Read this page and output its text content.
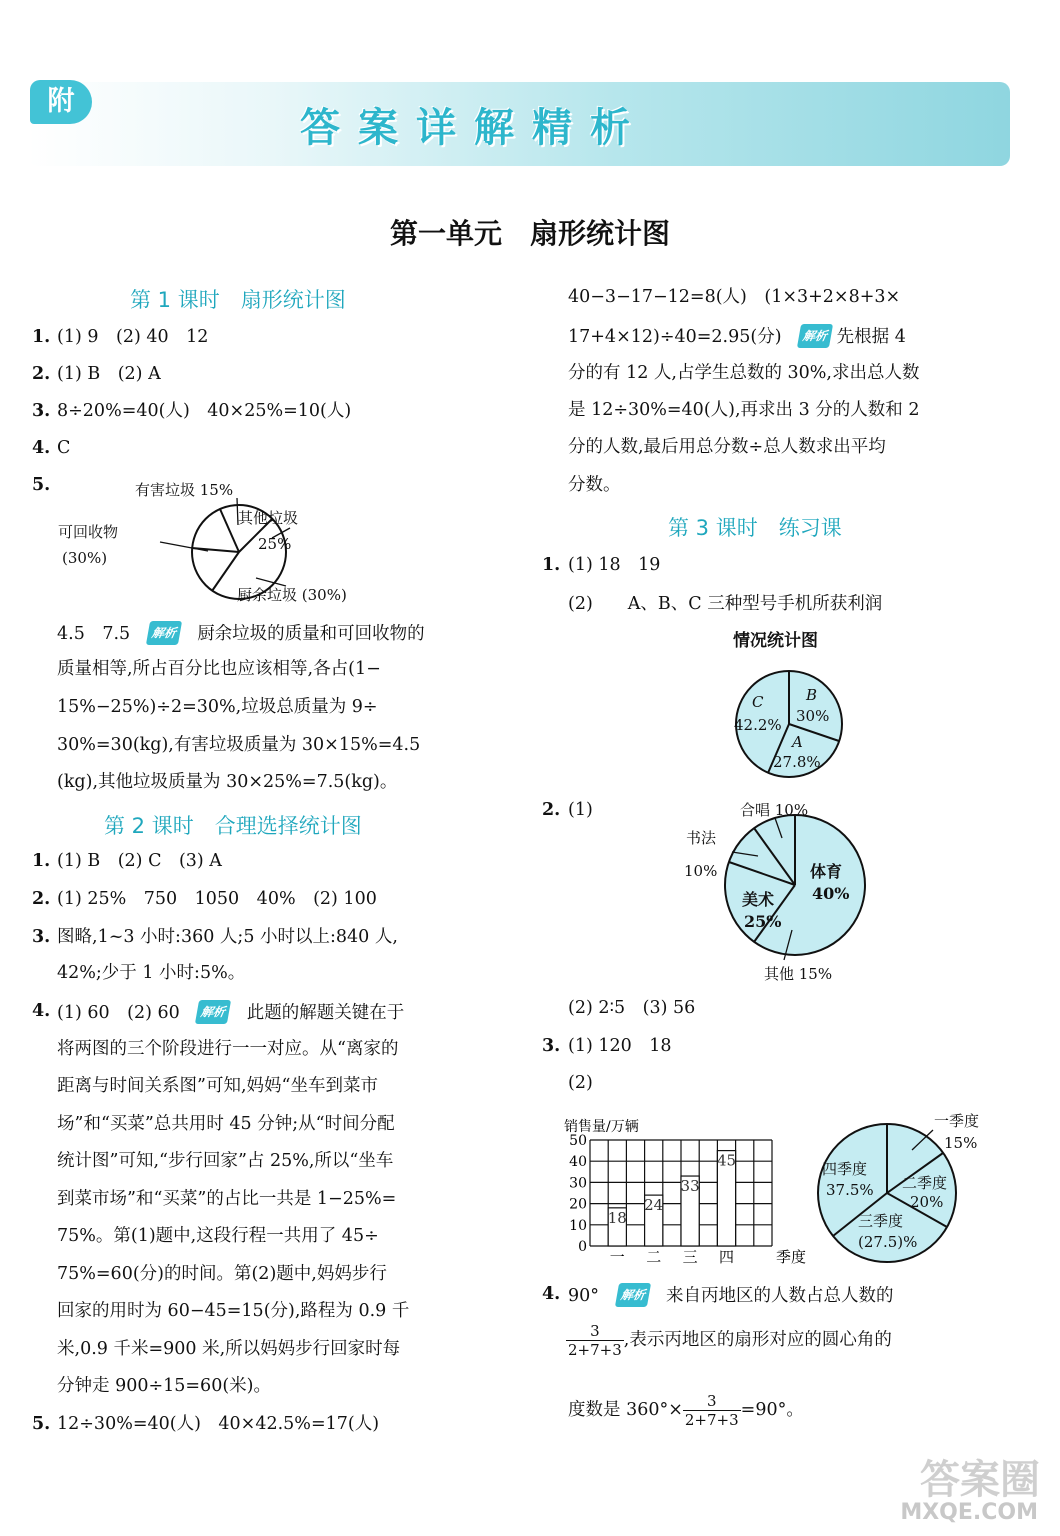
附
答案详解精析
第一单元　扇形统计图
第 1 课时　扇形统计图
1. (1) 9　(2) 40　12
2. (1) B　(2) A
3. 8÷20%=40(人)　40×25%=10(人)
4. C
5.	有害垃圾 15%
其他垃圾
25%
可回收物
(30%)
厨余垃圾 (30%)
4.5　7.5　 解析　 厨余垃圾的质量和可回收物的
质量相等,所占百分比也应该相等,各占(1−
15%−25%)÷2=30%,垃圾总质量为 9÷
30%=30(kg),有害垃圾质量为 30×15%=4.5
(kg),其他垃圾质量为 30×25%=7.5(kg)。
第 2 课时　合理选择统计图
1. (1) B　(2) C　(3) A
2. (1) 25%　750　1050　40%　(2) 100
3. 图略,1~3 小时:360 人;5 小时以上:840 人,
42%;少于 1 小时:5%。
4. (1) 60　(2) 60　 解析　 此题的解题关键在于
将两图的三个阶段进行一一对应。从“离家的
距离与时间关系图”可知,妈妈“坐车到菜市
场”和“买菜”总共用时 45 分钟;从“时间分配
统计图”可知,“步行回家”占 25%,所以“坐车
到菜市场”和“买菜”的占比一共是 1−25%=
75%。第(1)题中,这段行程一共用了 45÷
75%=60(分)的时间。第(2)题中,妈妈步行
回家的用时为 60−45=15(分),路程为 0.9 千
米,0.9 千米=900 米,所以妈妈步行回家时每
分钟走 900÷15=60(米)。
5. 12÷30%=40(人)　40×42.5%=17(人)
40−3−17−12=8(人)　(1×3+2×8+3×
17+4×12)÷40=2.95(分)　 解析 先根据 4
分的有 12 人,占学生总数的 30%,求出总人数
是 12÷30%=40(人),再求出 3 分的人数和 2
分的人数,最后用总分数÷总人数求出平均
分数。
第 3 课时　练习课
1. (1) 18　19
(2)　　A、B、C 三种型号手机所获利润
情况统计图
C
42.2%
B
30%
A
27.8%
2. (1)	合唱 10%
书法
10%	体育
40%
美术
25%
其他 15%
(2) 2∶5　(3) 56
3. (1) 120　18
(2)
销售量/万辆
50
40
30
20
10
0
18
一
24
二
33
三
45
四	季度
一季度
15%
二季度
20%
三季度
(27.5)%
四季度
37.5%
4. 90°　 解析　 来自丙地区的人数占总人数的
$\frac{3}{2+7+3}$ ,表示丙地区的扇形对应的圆心角的
度数是 $360^\circ\times \frac{3}{2+7+3} =90^\circ$。
答案圈
MXQE.COM
